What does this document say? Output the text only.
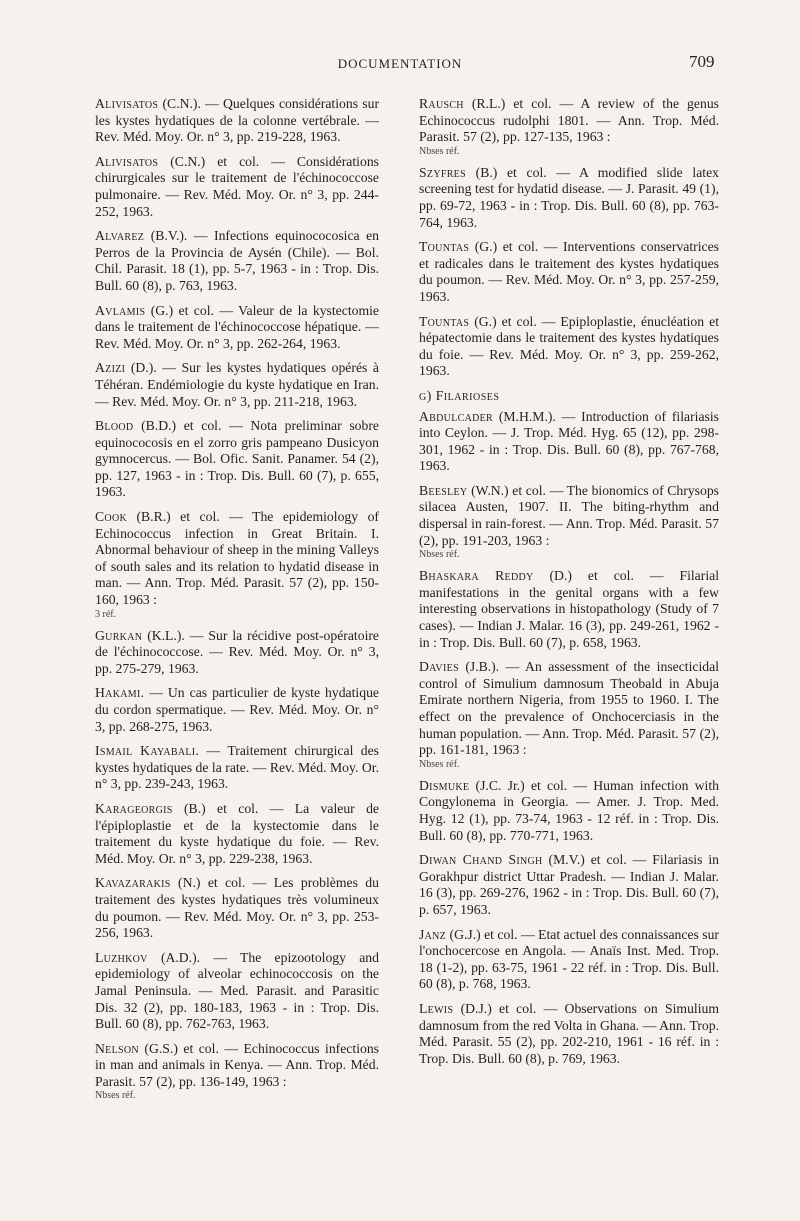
DOCUMENTATION	709
Alivisatos (C.N.). — Quelques considérations sur les kystes hydatiques de la colonne vertébrale. — Rev. Méd. Moy. Or. n° 3, pp. 219-228, 1963.
Alivisatos (C.N.) et col. — Considérations chirurgicales sur le traitement de l'échinococcose pulmonaire. — Rev. Méd. Moy. Or. n° 3, pp. 244-252, 1963.
Alvarez (B.V.). — Infections equinococosica en Perros de la Provincia de Aysén (Chile). — Bol. Chil. Parasit. 18 (1), pp. 5-7, 1963 - in : Trop. Dis. Bull. 60 (8), p. 763, 1963.
Avlamis (G.) et col. — Valeur de la kystectomie dans le traitement de l'échinococcose hépatique. — Rev. Méd. Moy. Or. n° 3, pp. 262-264, 1963.
Azizi (D.). — Sur les kystes hydatiques opérés à Téhéran. Endémiologie du kyste hydatique en Iran. — Rev. Méd. Moy. Or. n° 3, pp. 211-218, 1963.
Blood (B.D.) et col. — Nota preliminar sobre equinococosis en el zorro gris pampeano Dusicyon gymnocercus. — Bol. Ofic. Sanit. Panamer. 54 (2), pp. 127, 1963 - in : Trop. Dis. Bull. 60 (7), p. 655, 1963.
Cook (B.R.) et col. — The epidemiology of Echinococcus infection in Great Britain. I. Abnormal behaviour of sheep in the mining Valleys of south sales and its relation to hydatid disease in man. — Ann. Trop. Méd. Parasit. 57 (2), pp. 150-160, 1963 :
3 réf.
Gurkan (K.L.). — Sur la récidive post-opératoire de l'échinococcose. — Rev. Méd. Moy. Or. n° 3, pp. 275-279, 1963.
Hakami. — Un cas particulier de kyste hydatique du cordon spermatique. — Rev. Méd. Moy. Or. n° 3, pp. 268-275, 1963.
Ismail Kayabali. — Traitement chirurgical des kystes hydatiques de la rate. — Rev. Méd. Moy. Or. n° 3, pp. 239-243, 1963.
Karageorgis (B.) et col. — La valeur de l'épiploplastie et de la kystectomie dans le traitement du kyste hydatique du foie. — Rev. Méd. Moy. Or. n° 3, pp. 229-238, 1963.
Kavazarakis (N.) et col. — Les problèmes du traitement des kystes hydatiques très volumineux du poumon. — Rev. Méd. Moy. Or. n° 3, pp. 253-256, 1963.
Luzhkov (A.D.). — The epizootology and epidemiology of alveolar echinococcosis on the Jamal Peninsula. — Med. Parasit. and Parasitic Dis. 32 (2), pp. 180-183, 1963 - in : Trop. Dis. Bull. 60 (8), pp. 762-763, 1963.
Nelson (G.S.) et col. — Echinococcus infections in man and animals in Kenya. — Ann. Trop. Méd. Parasit. 57 (2), pp. 136-149, 1963 :
Nbses réf.
Rausch (R.L.) et col. — A review of the genus Echinococcus rudolphi 1801. — Ann. Trop. Méd. Parasit. 57 (2), pp. 127-135, 1963 :
Nbses réf.
Szyfres (B.) et col. — A modified slide latex screening test for hydatid disease. — J. Parasit. 49 (1), pp. 69-72, 1963 - in : Trop. Dis. Bull. 60 (8), pp. 763-764, 1963.
Tountas (G.) et col. — Interventions conservatrices et radicales dans le traitement des kystes hydatiques du poumon. — Rev. Méd. Moy. Or. n° 3, pp. 257-259, 1963.
Tountas (G.) et col. — Epiploplastie, énucléation et hépatectomie dans le traitement des kystes hydatiques du foie. — Rev. Méd. Moy. Or. n° 3, pp. 259-262, 1963.
g) Filarioses
Abdulcader (M.H.M.). — Introduction of filariasis into Ceylon. — J. Trop. Méd. Hyg. 65 (12), pp. 298-301, 1962 - in : Trop. Dis. Bull. 60 (8), pp. 767-768, 1963.
Beesley (W.N.) et col. — The bionomics of Chrysops silacea Austen, 1907. II. The biting-rhythm and dispersal in rain-forest. — Ann. Trop. Méd. Parasit. 57 (2), pp. 191-203, 1963 :
Nbses réf.
Bhaskara Reddy (D.) et col. — Filarial manifestations in the genital organs with a few interesting observations in histopathology (Study of 7 cases). — Indian J. Malar. 16 (3), pp. 249-261, 1962 - in : Trop. Dis. Bull. 60 (7), p. 658, 1963.
Davies (J.B.). — An assessment of the insecticidal control of Simulium damnosum Theobald in Abuja Emirate northern Nigeria, from 1955 to 1960. I. The effect on the prevalence of Onchocerciasis in the human population. — Ann. Trop. Méd. Parasit. 57 (2), pp. 161-181, 1963 :
Nbses réf.
Dismuke (J.C. Jr.) et col. — Human infection with Congylonema in Georgia. — Amer. J. Trop. Med. Hyg. 12 (1), pp. 73-74, 1963 - 12 réf. in : Trop. Dis. Bull. 60 (8), pp. 770-771, 1963.
Diwan Chand Singh (M.V.) et col. — Filariasis in Gorakhpur district Uttar Pradesh. — Indian J. Malar. 16 (3), pp. 269-276, 1962 - in : Trop. Dis. Bull. 60 (7), p. 657, 1963.
Janz (G.J.) et col. — Etat actuel des connaissances sur l'onchocercose en Angola. — Anaïs Inst. Med. Trop. 18 (1-2), pp. 63-75, 1961 - 22 réf. in : Trop. Dis. Bull. 60 (8), p. 768, 1963.
Lewis (D.J.) et col. — Observations on Simulium damnosum from the red Volta in Ghana. — Ann. Trop. Méd. Parasit. 55 (2), pp. 202-210, 1961 - 16 réf. in : Trop. Dis. Bull. 60 (8), p. 769, 1963.
